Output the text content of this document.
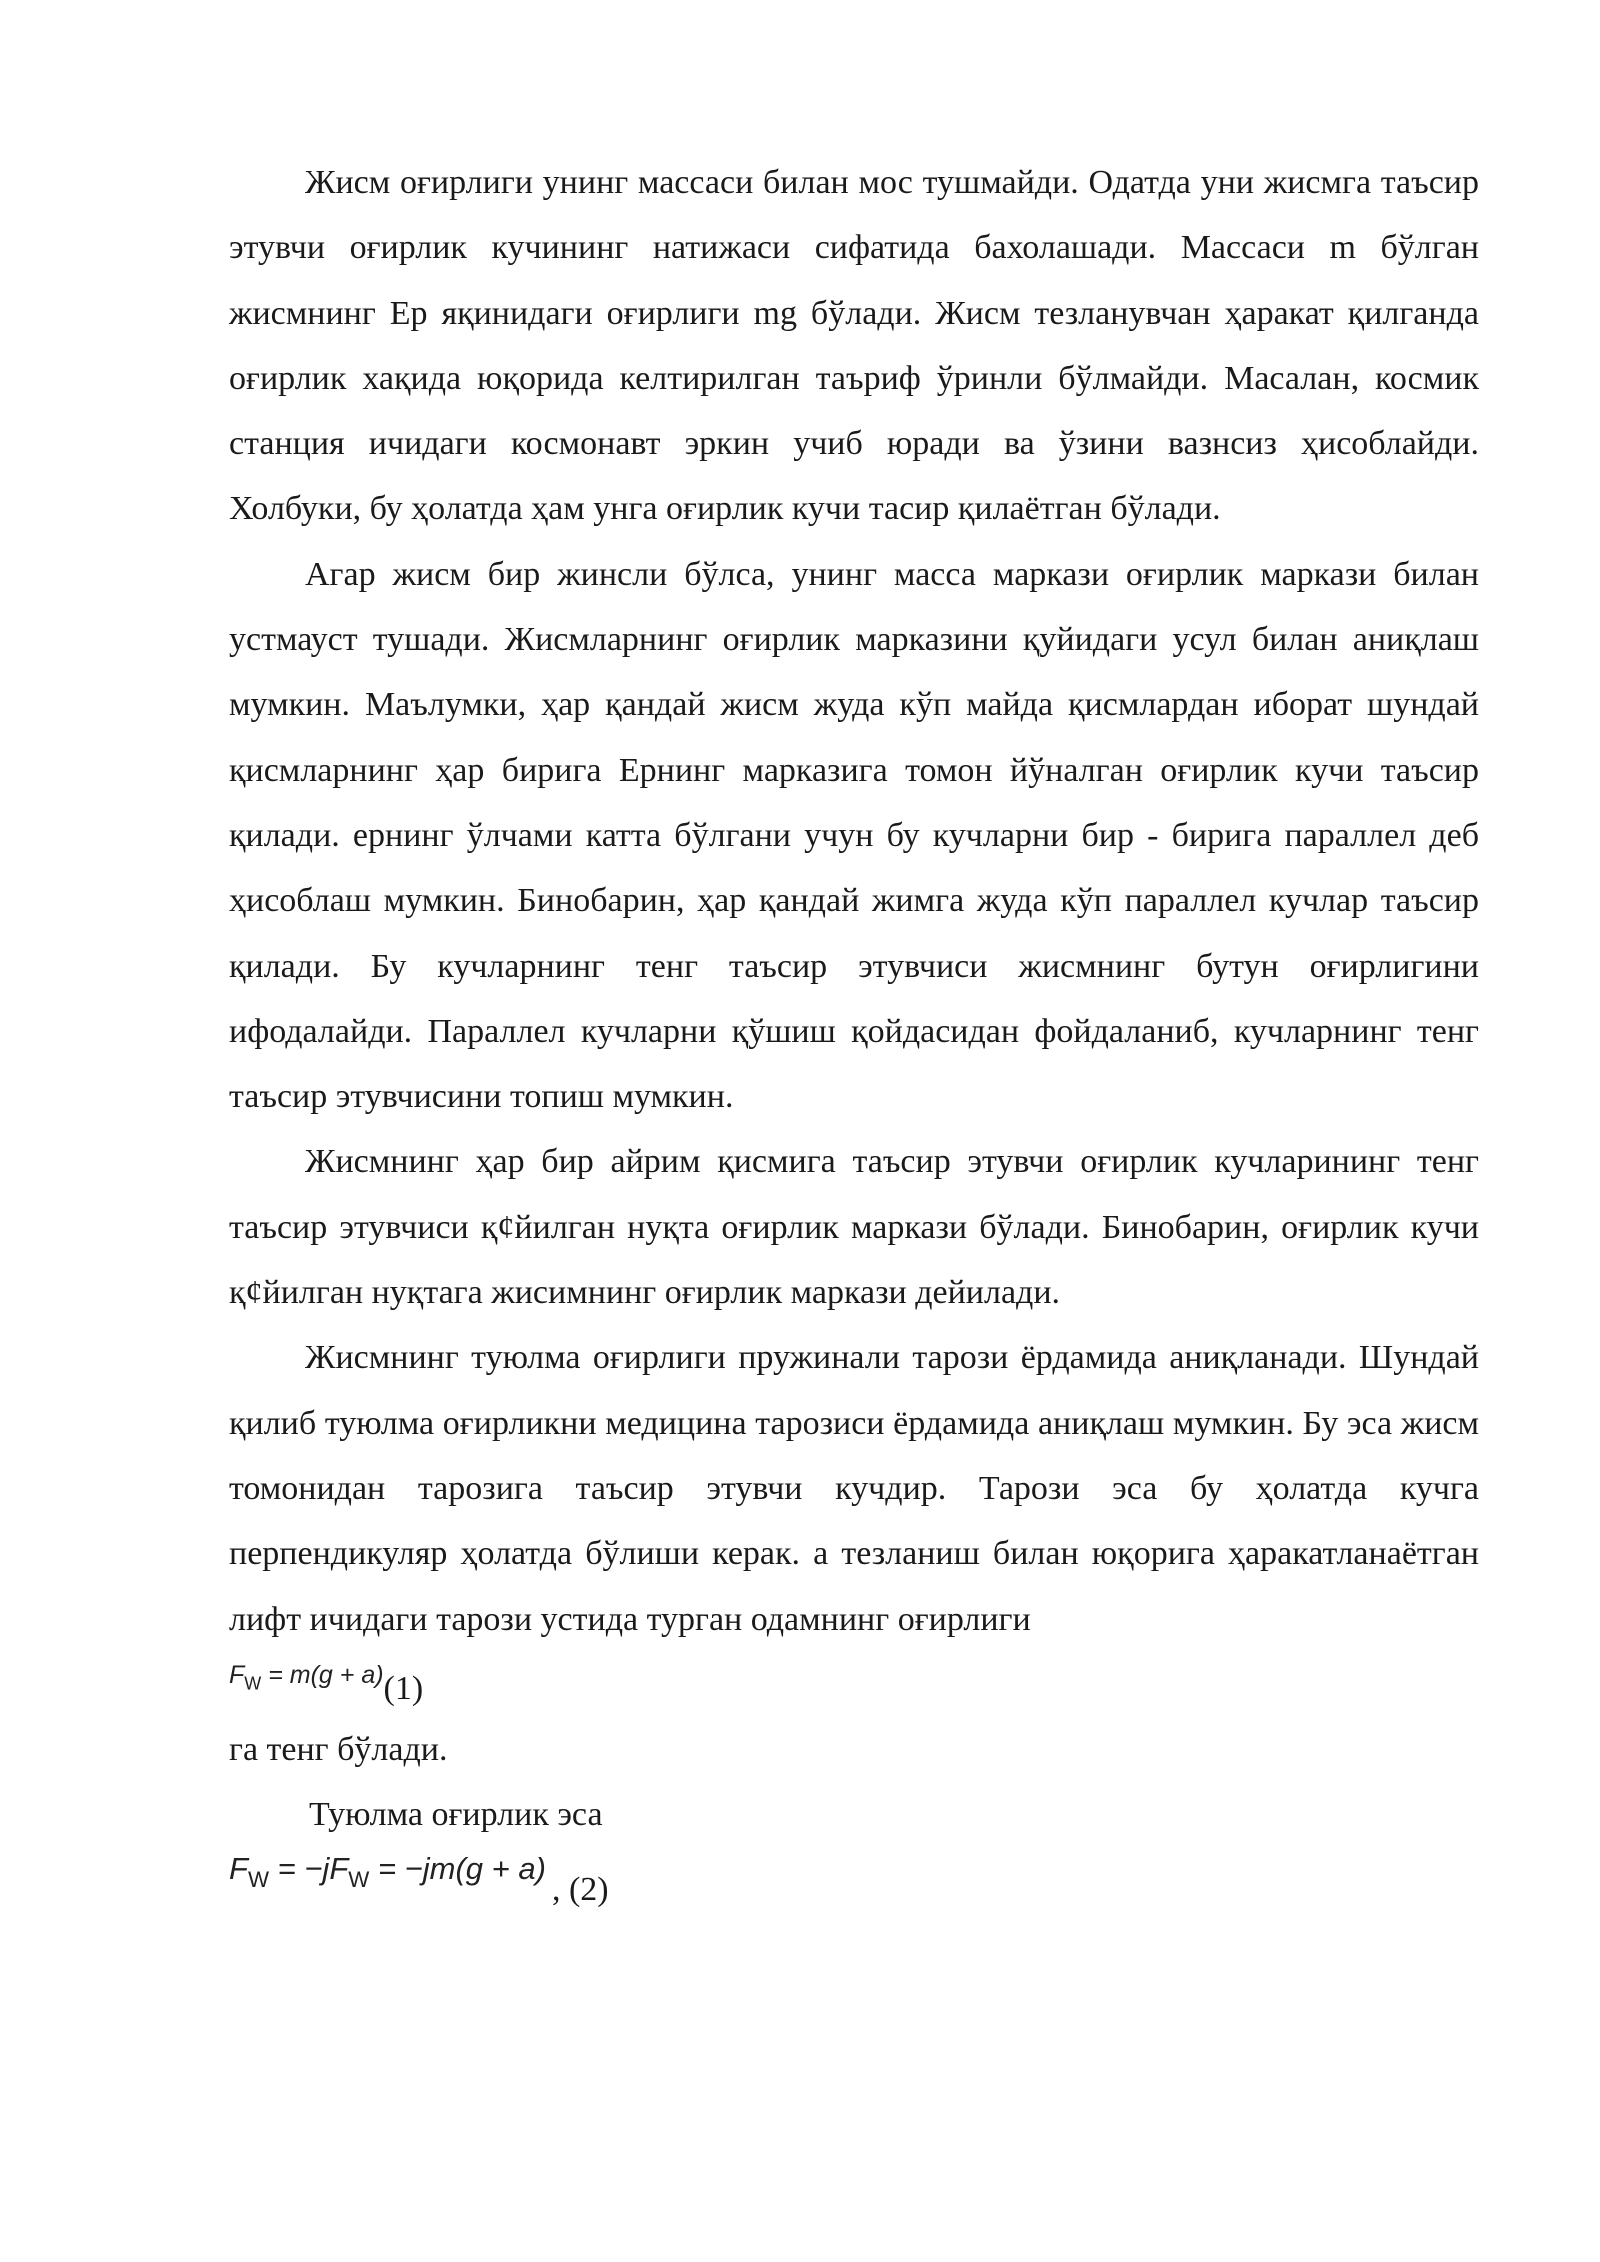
Жисм оғирлиги унинг массаси билан мос тушмайди. Одатда уни жисмга таъсир этувчи оғирлик кучининг натижаси сифатида бахолашади. Массаси m бўлган жисмнинг Ер яқинидаги оғирлиги mg бўлади. Жисм тезланувчан ҳаракат қилганда оғирлик хақида юқорида келтирилган таъриф ўринли бўлмайди. Масалан, космик станция ичидаги космонавт эркин учиб юради ва ўзини вазнсиз ҳисоблайди. Холбуки, бу ҳолатда ҳам унга оғирлик кучи тасир қилаётган бўлади.

Агар жисм бир жинсли бўлса, унинг масса маркази оғирлик маркази билан устмауст тушади. Жисмларнинг оғирлик марказини қуйидаги усул билан аниқлаш мумкин. Маълумки, ҳар қандай жисм жуда кўп майда қисмлардан иборат шундай қисмларнинг ҳар бирига Ернинг марказига томон йўналган оғирлик кучи таъсир қилади. ернинг ўлчами катта бўлгани учун бу кучларни бир - бирига параллел деб ҳисоблаш мумкин. Бинобарин, ҳар қандай жимга жуда кўп параллел кучлар таъсир қилади. Бу кучларнинг тенг таъсир этувчиси жисмнинг бутун оғирлигини ифодалайди. Параллел кучларни қўшиш қойдасидан фойдаланиб, кучларнинг тенг таъсир этувчисини топиш мумкин.

Жисмнинг ҳар бир айрим қисмига таъсир этувчи оғирлик кучларининг тенг таъсир этувчиси қ¢йилган нуқта оғирлик маркази бўлади. Бинобарин, оғирлик кучи қ¢йилган нуқтага жисимнинг оғирлик маркази дейилади.

Жисмнинг туюлма оғирлиги пружинали тарози ёрдамида аниқланади. Шундай қилиб туюлма оғирликни медицина тарозиси ёрдамида аниқлаш мумкин. Бу эса жисм томонидан тарозига таъсир этувчи кучдир. Тарози эса бу ҳолатда кучга перпендикуляр ҳолатда бўлиши керак. a тезланиш билан юқорига ҳаракатланаётган лифт ичидаги тарози устида турган одамнинг оғирлиги

$F_W = m(g + a)$ (1)

га тенг бўлади.

Туюлма оғирлик эса

$F_W = -jF_W = -jm(g + a)$
, (2)
